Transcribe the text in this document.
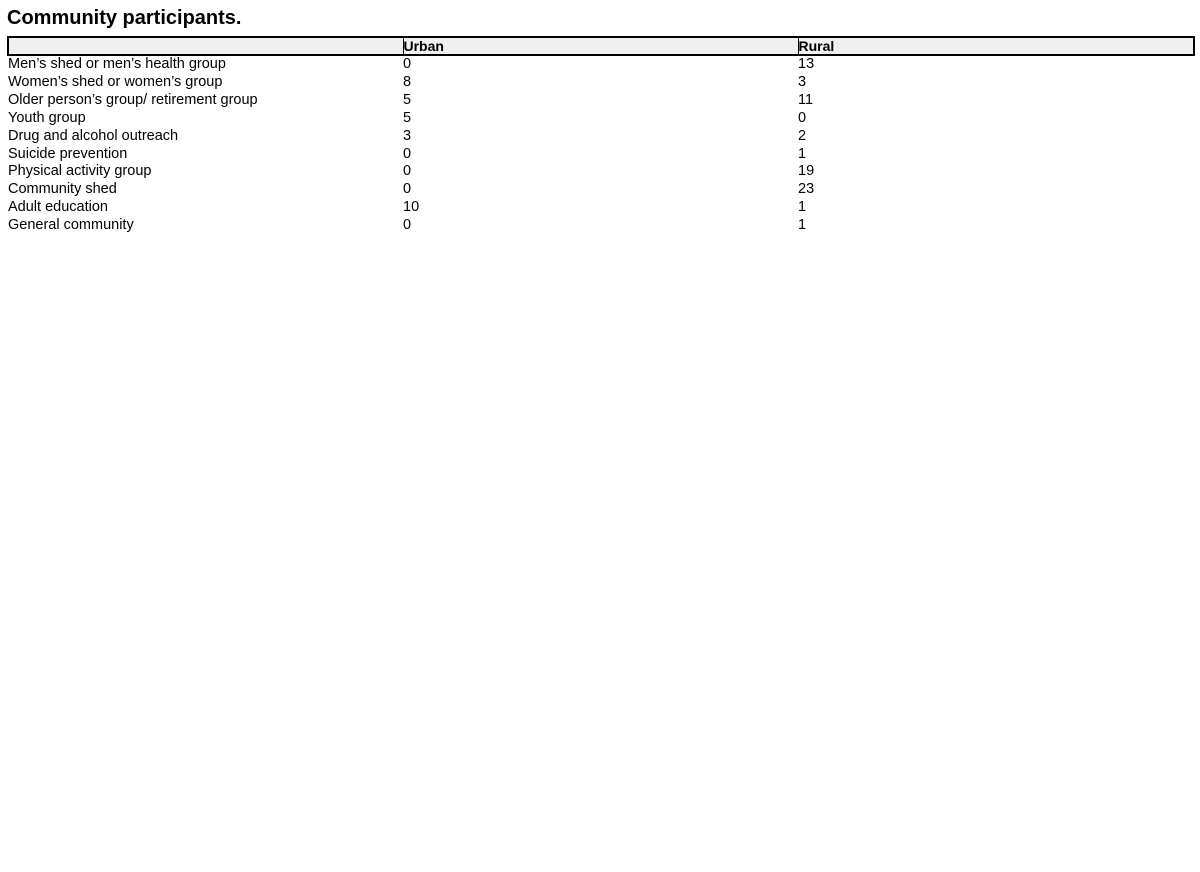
Community participants.
	Urban	Rural
Men’s shed or men’s health group	0	13
Women’s shed or women’s group	8	3
Older person’s group/ retirement group	5	11
Youth group	5	0
Drug and alcohol outreach	3	2
Suicide prevention	0	1
Physical activity group	0	19
Community shed	0	23
Adult education	10	1
General community	0	1
